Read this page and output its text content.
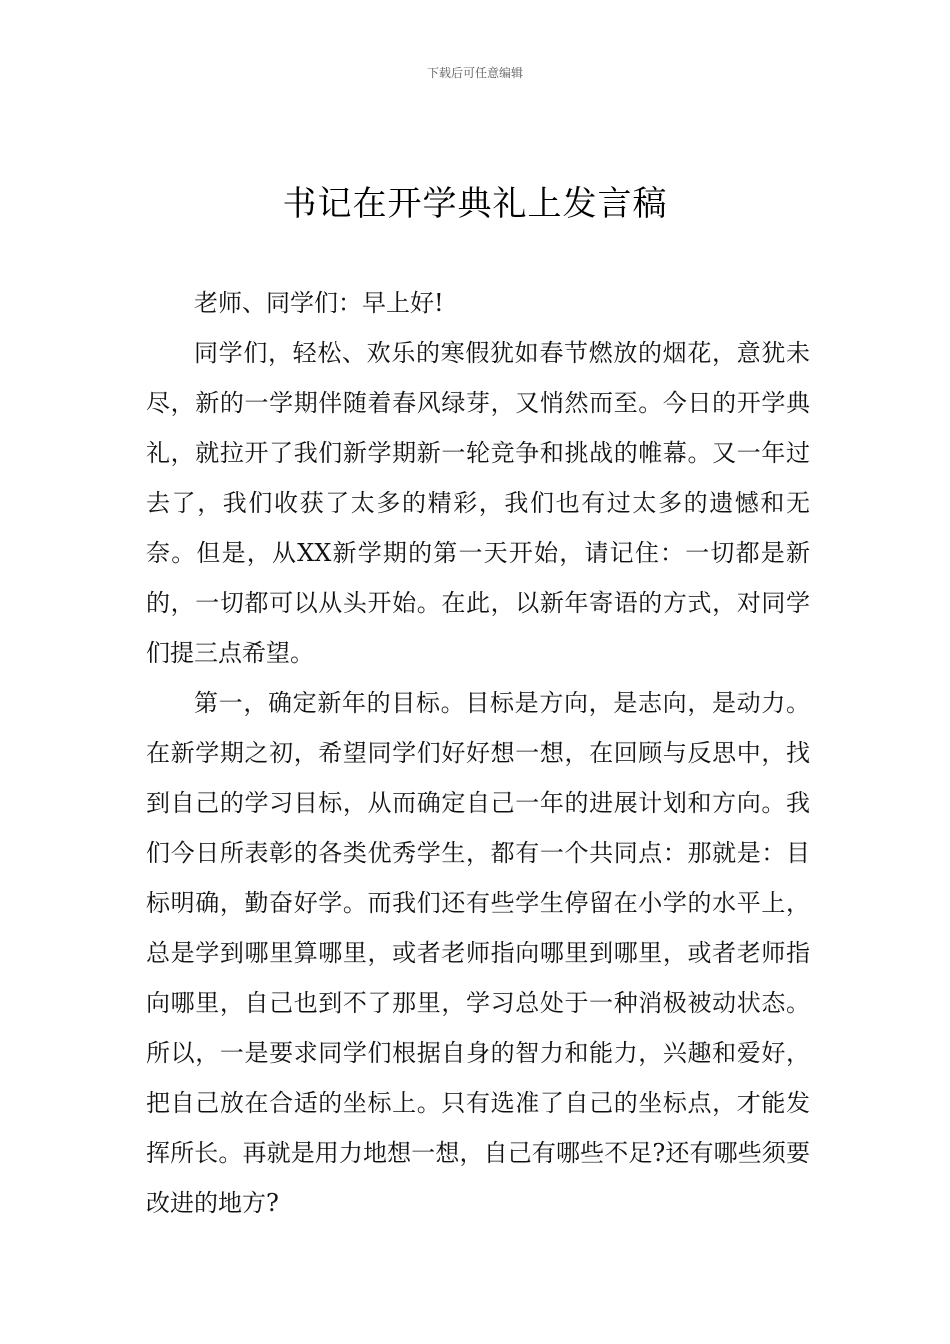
下载后可任意编辑
书记在开学典礼上发言稿

老师、同学们：早上好!

同学们，轻松、欢乐的寒假犹如春节燃放的烟花，意犹未尽，新的一学期伴随着春风绿芽，又悄然而至。今日的开学典礼，就拉开了我们新学期新一轮竞争和挑战的帷幕。又一年过去了，我们收获了太多的精彩，我们也有过太多的遗憾和无奈。但是，从XX新学期的第一天开始，请记住：一切都是新的，一切都可以从头开始。在此，以新年寄语的方式，对同学们提三点希望。

第一，确定新年的目标。目标是方向，是志向，是动力。在新学期之初，希望同学们好好想一想，在回顾与反思中，找到自己的学习目标，从而确定自己一年的进展计划和方向。我们今日所表彰的各类优秀学生，都有一个共同点：那就是：目标明确，勤奋好学。而我们还有些学生停留在小学的水平上，总是学到哪里算哪里，或者老师指向哪里到哪里，或者老师指向哪里，自己也到不了那里，学习总处于一种消极被动状态。所以，一是要求同学们根据自身的智力和能力，兴趣和爱好，把自己放在合适的坐标上。只有选准了自己的坐标点，才能发挥所长。再就是用力地想一想，自己有哪些不足?还有哪些须要改进的地方?
